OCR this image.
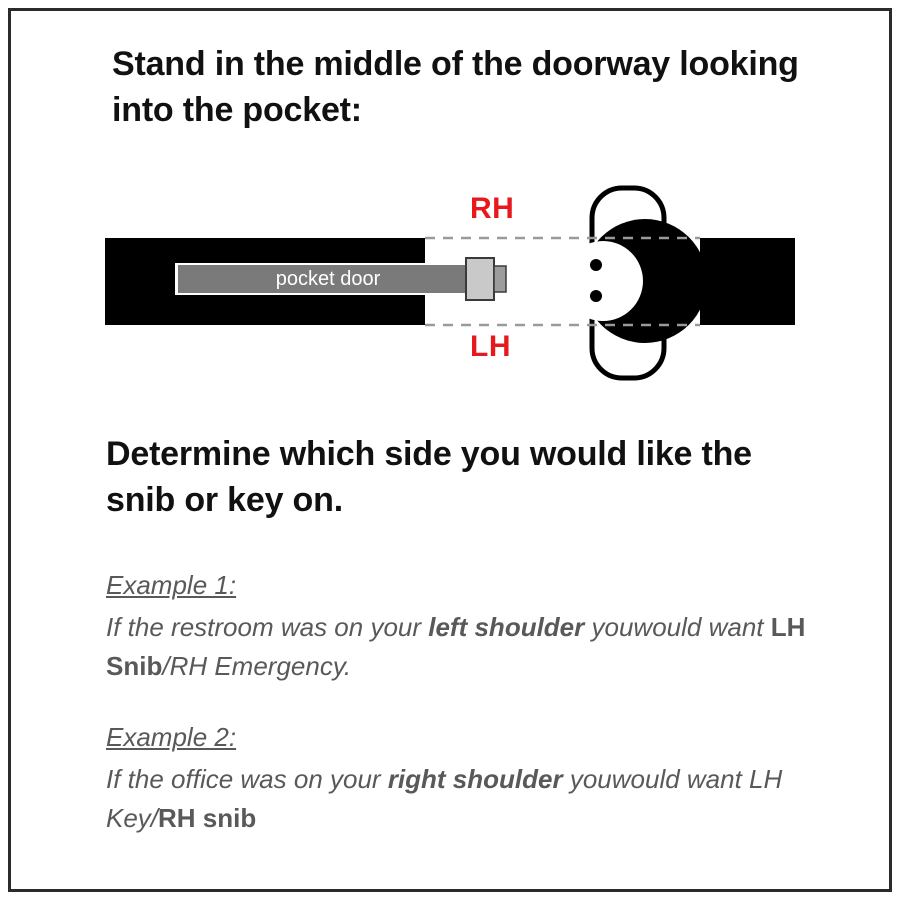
Stand in the middle of the doorway looking into the pocket:
pocket door
RH
LH
Determine which side you would like the snib or key on.
Example 1:
If the restroom was on your left shoulder youwould want LH Snib/RH Emergency.
Example 2:
If the office was on your right shoulder youwould want LH Key/RH snib
